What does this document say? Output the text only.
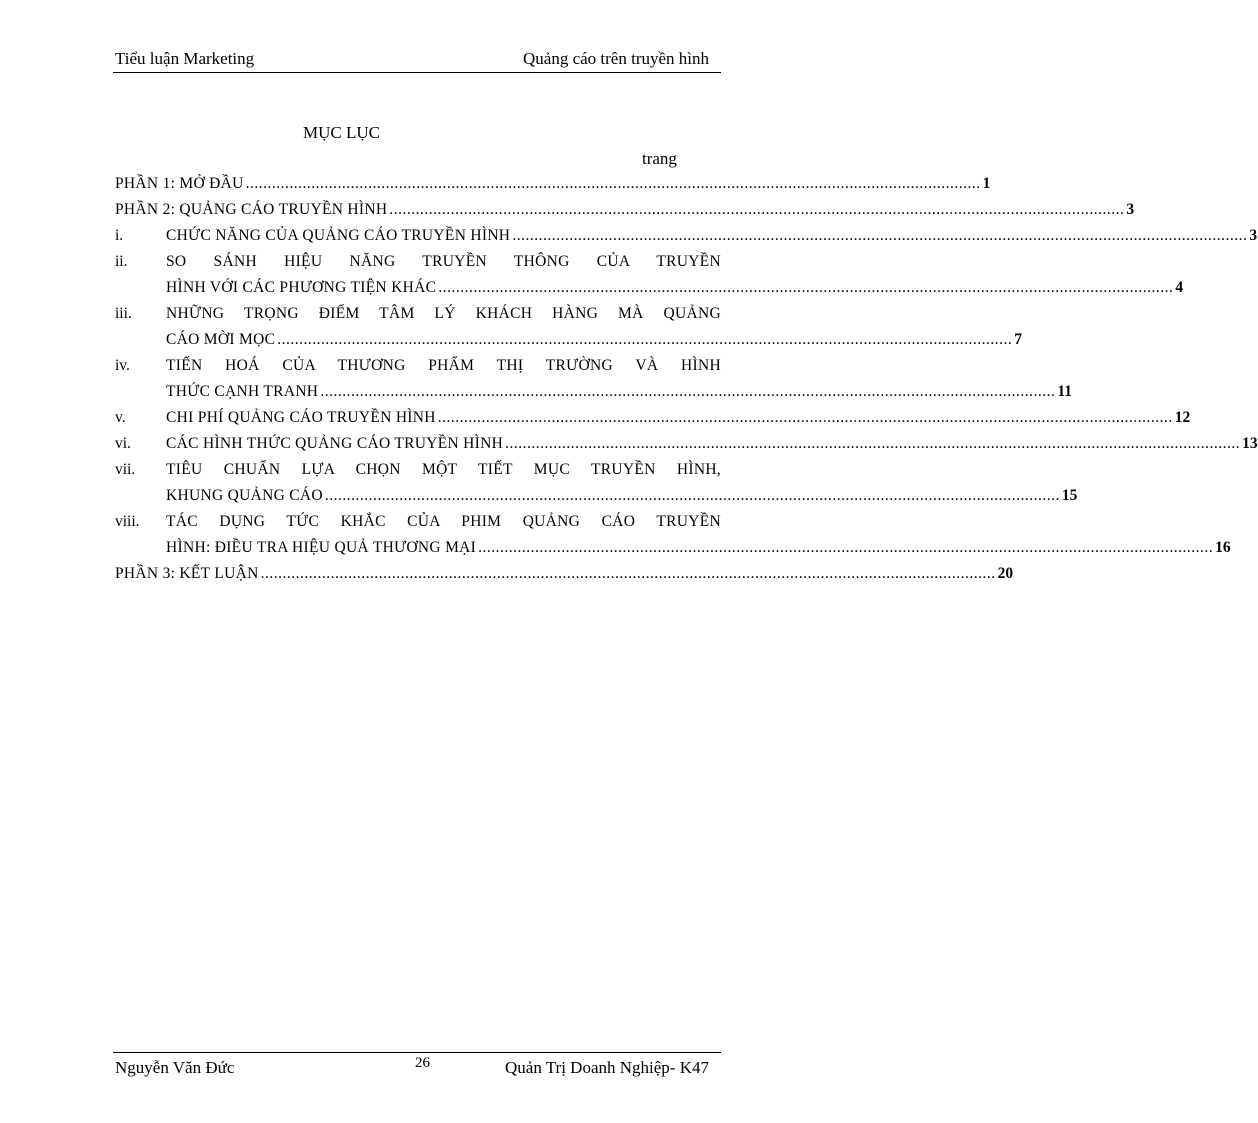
Tiểu luận Marketing	Quảng cáo trên truyền hình
MỤC LỤC
trang
PHẦN 1: MỞ ĐẦU ........................................................................................................................................................................ 1
PHẦN 2: QUẢNG CÁO TRUYỀN HÌNH ........................................................................................................................................................................ 3
i.	CHỨC NĂNG CỦA QUẢNG CÁO TRUYỀN HÌNH ........................................................................................................................................................................ 3
ii.	SO SÁNH HIỆU NĂNG TRUYỀN THÔNG CỦA TRUYỀN
HÌNH VỚI CÁC PHƯƠNG TIỆN KHÁC ........................................................................................................................................................................ 4
iii.	NHỮNG TRỌNG ĐIỂM TÂM LÝ KHÁCH HÀNG MÀ QUẢNG
CÁO MỜI MỌC ........................................................................................................................................................................ 7
iv.	TIẾN HOÁ CỦA THƯƠNG PHẨM THỊ TRƯỜNG VÀ HÌNH
THỨC CẠNH TRANH ........................................................................................................................................................................ 11
v.	CHI PHÍ QUẢNG CÁO TRUYỀN HÌNH ........................................................................................................................................................................ 12
vi.	CÁC HÌNH THỨC QUẢNG CÁO TRUYỀN HÌNH ........................................................................................................................................................................ 13
vii.	TIÊU CHUẨN LỰA CHỌN MỘT TIẾT MỤC TRUYỀN HÌNH,
KHUNG QUẢNG CÁO ........................................................................................................................................................................ 15
viii.	TÁC DỤNG TỨC KHẮC CỦA PHIM QUẢNG CÁO TRUYỀN
HÌNH: ĐIỀU TRA HIỆU QUẢ THƯƠNG MẠI ........................................................................................................................................................................ 16
PHẦN 3: KẾT LUẬN ........................................................................................................................................................................ 20
Nguyễn Văn Đức	26	Quản Trị Doanh Nghiệp- K47
